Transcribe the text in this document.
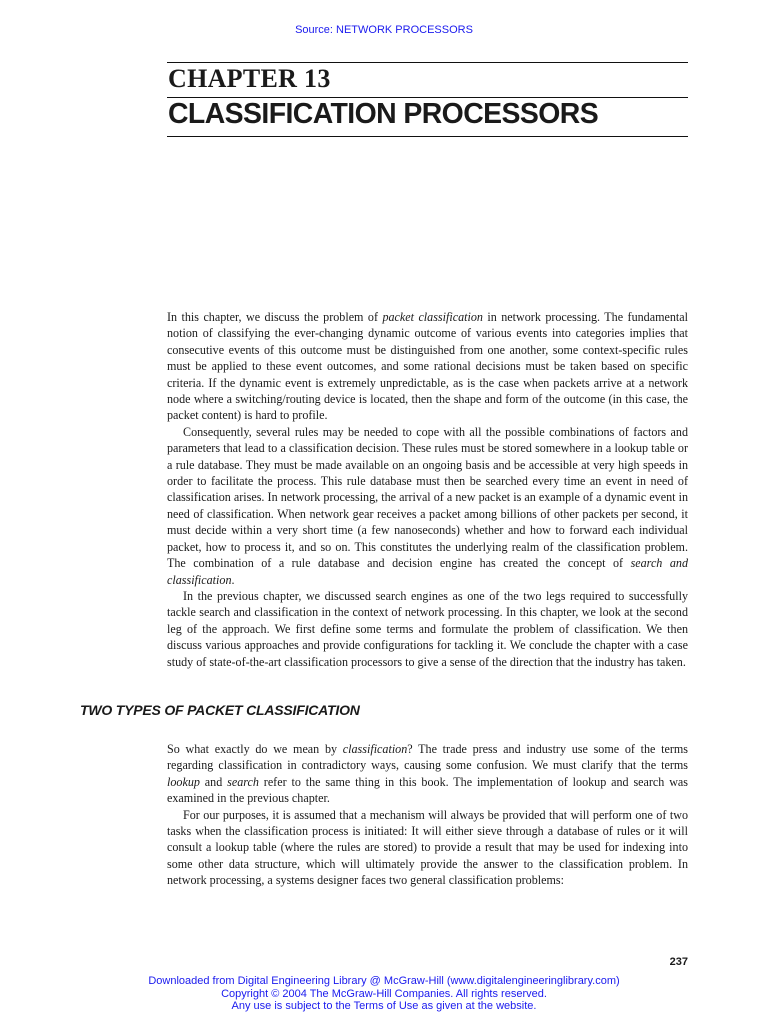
Source: NETWORK PROCESSORS
CHAPTER 13
CLASSIFICATION PROCESSORS

In this chapter, we discuss the problem of packet classification in network processing. The fundamental notion of classifying the ever-changing dynamic outcome of various events into categories implies that consecutive events of this outcome must be distinguished from one another, some context-specific rules must be applied to these event outcomes, and some rational decisions must be taken based on specific criteria. If the dynamic event is extremely unpredictable, as is the case when packets arrive at a network node where a switching/routing device is located, then the shape and form of the outcome (in this case, the packet content) is hard to profile.

Consequently, several rules may be needed to cope with all the possible combinations of factors and parameters that lead to a classification decision. These rules must be stored somewhere in a lookup table or a rule database. They must be made available on an ongoing basis and be accessible at very high speeds in order to facilitate the process. This rule database must then be searched every time an event in need of classification arises. In network processing, the arrival of a new packet is an example of a dynamic event in need of classification. When network gear receives a packet among billions of other packets per second, it must decide within a very short time (a few nanoseconds) whether and how to forward each individual packet, how to process it, and so on. This constitutes the underlying realm of the classification problem. The combination of a rule database and decision engine has created the concept of search and classification.

In the previous chapter, we discussed search engines as one of the two legs required to successfully tackle search and classification in the context of network processing. In this chapter, we look at the second leg of the approach. We first define some terms and formulate the problem of classification. We then discuss various approaches and provide configurations for tackling it. We conclude the chapter with a case study of state-of-the-art classification processors to give a sense of the direction that the industry has taken.

TWO TYPES OF PACKET CLASSIFICATION

So what exactly do we mean by classification? The trade press and industry use some of the terms regarding classification in contradictory ways, causing some confusion. We must clarify that the terms lookup and search refer to the same thing in this book. The implementation of lookup and search was examined in the previous chapter.

For our purposes, it is assumed that a mechanism will always be provided that will perform one of two tasks when the classification process is initiated: It will either sieve through a database of rules or it will consult a lookup table (where the rules are stored) to provide a result that may be used for indexing into some other data structure, which will ultimately provide the answer to the classification problem. In network processing, a systems designer faces two general classification problems:

237
Downloaded from Digital Engineering Library @ McGraw-Hill (www.digitalengineeringlibrary.com)
Copyright © 2004 The McGraw-Hill Companies. All rights reserved.
Any use is subject to the Terms of Use as given at the website.
